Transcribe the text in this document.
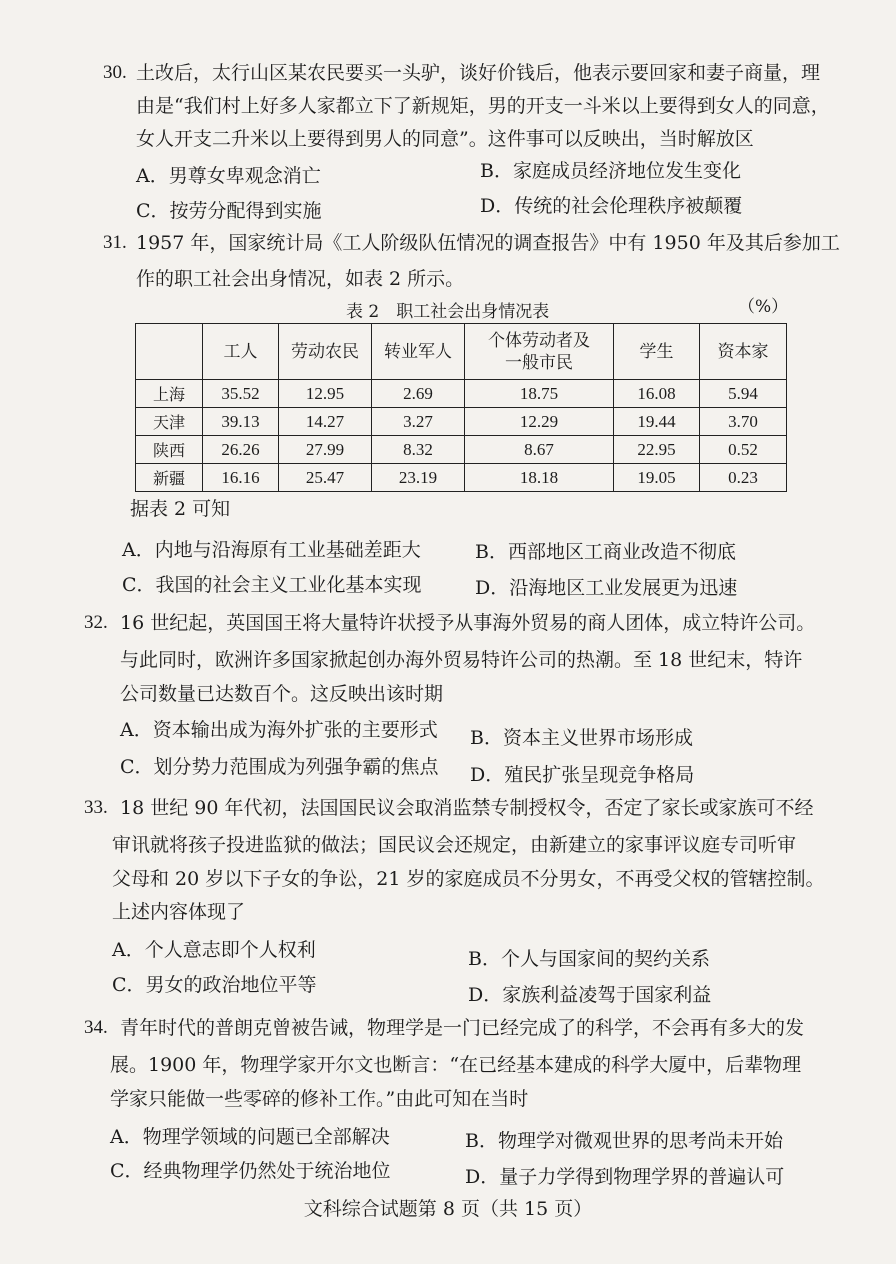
30. 土改后，太行山区某农民要买一头驴，谈好价钱后，他表示要回家和妻子商量，理
由是“我们村上好多人家都立下了新规矩，男的开支一斗米以上要得到女人的同意，
女人开支二升米以上要得到男人的同意”。这件事可以反映出，当时解放区
A．男尊女卑观念消亡	B．家庭成员经济地位发生变化
C．按劳分配得到实施	D．传统的社会伦理秩序被颠覆
31. 1957 年，国家统计局《工人阶级队伍情况的调查报告》中有 1950 年及其后参加工
作的职工社会出身情况，如表 2 所示。
表 2　职工社会出身情况表	（%）
	工人	劳动农民	转业军人	个体劳动者及
一般市民	学生	资本家
上海	35.52	12.95	2.69	18.75	16.08	5.94
天津	39.13	14.27	3.27	12.29	19.44	3.70
陕西	26.26	27.99	8.32	8.67	22.95	0.52
新疆	16.16	25.47	23.19	18.18	19.05	0.23
据表 2 可知
A．内地与沿海原有工业基础差距大	B．西部地区工商业改造不彻底
C．我国的社会主义工业化基本实现	D．沿海地区工业发展更为迅速
32. 16 世纪起，英国国王将大量特许状授予从事海外贸易的商人团体，成立特许公司。
与此同时，欧洲许多国家掀起创办海外贸易特许公司的热潮。至 18 世纪末，特许
公司数量已达数百个。这反映出该时期
A．资本输出成为海外扩张的主要形式 B．资本主义世界市场形成
C．划分势力范围成为列强争霸的焦点 D．殖民扩张呈现竞争格局
33. 18 世纪 90 年代初，法国国民议会取消监禁专制授权令，否定了家长或家族可不经
审讯就将孩子投进监狱的做法；国民议会还规定，由新建立的家事评议庭专司听审
父母和 20 岁以下子女的争讼，21 岁的家庭成员不分男女，不再受父权的管辖控制。
上述内容体现了
A．个人意志即个人权利	B．个人与国家间的契约关系
C．男女的政治地位平等	D．家族利益凌驾于国家利益
34. 青年时代的普朗克曾被告诫，物理学是一门已经完成了的科学，不会再有多大的发
展。1900 年，物理学家开尔文也断言：“在已经基本建成的科学大厦中，后辈物理
学家只能做一些零碎的修补工作。”由此可知在当时
A．物理学领域的问题已全部解决	B．物理学对微观世界的思考尚未开始
C．经典物理学仍然处于统治地位	D．量子力学得到物理学界的普遍认可
文科综合试题第 8 页（共 15 页）
